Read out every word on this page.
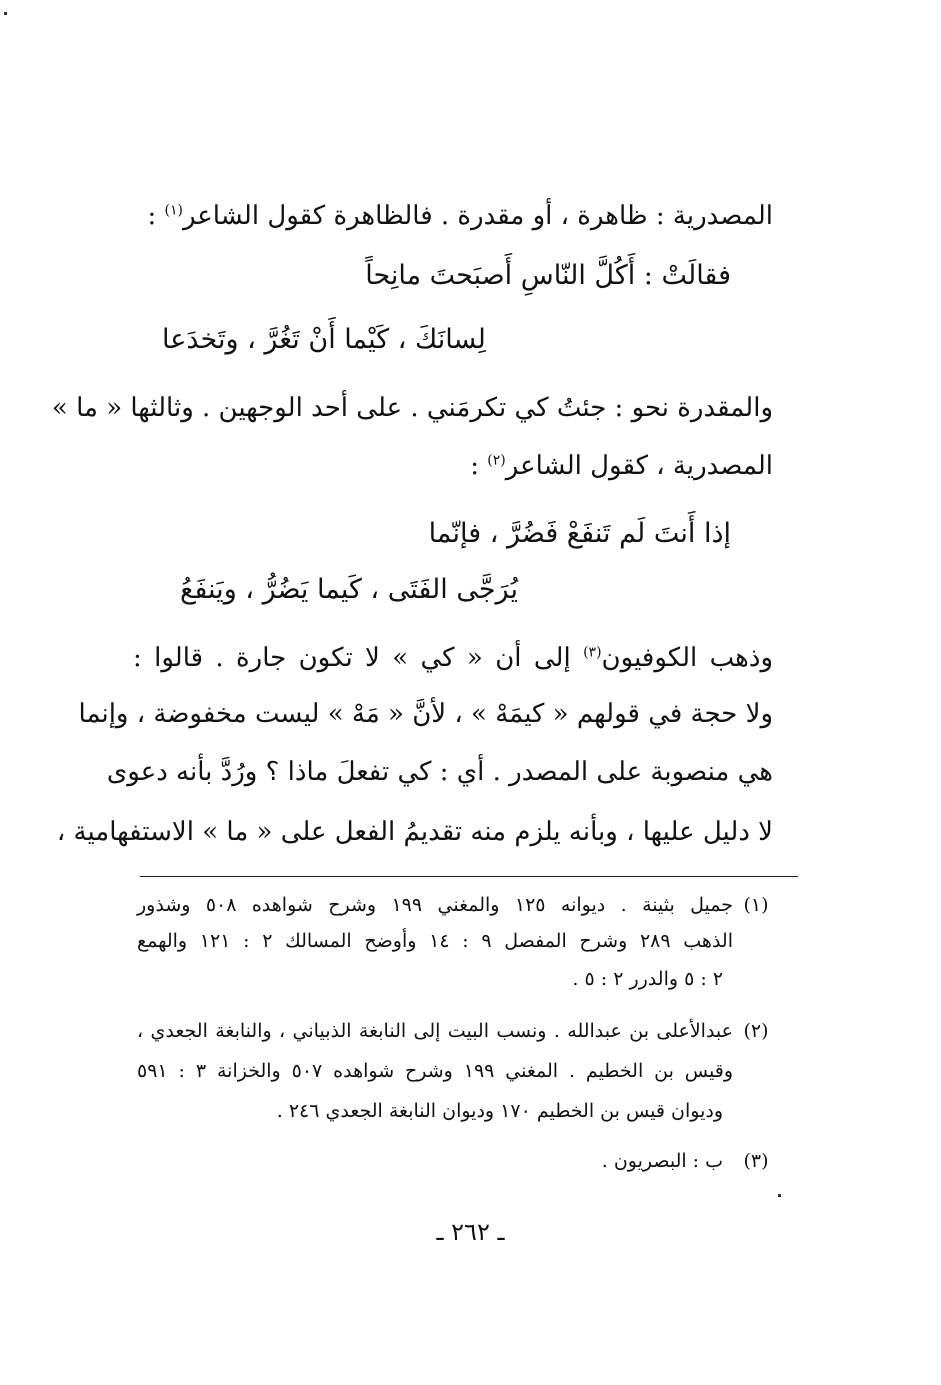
المصدرية : ظاهرة ، أو مقدرة . فالظاهرة كقول الشاعر$^{(١)}$ :
فقالَتْ : أَكُلَّ النّاسِ أَصبَحتَ مانِحاً
لِسانَكَ ، كَيْما أَنْ تَغُرَّ ، وتَخدَعا
والمقدرة نحو : جئتُ كي تكرمَني . على أحد الوجهين . وثالثها « ما »
المصدرية ، كقول الشاعر$^{(٢)}$ :
إذا أَنتَ لَم تَنفَعْ فَضُرَّ ، فإنّما
يُرَجَّى الفَتَى ، كَيما يَضُرُّ ، ويَنفَعُ
وذهب الكوفيون$^{(٣)}$ إلى أن « كي » لا تكون جارة . قالوا :
ولا حجة في قولهم « كيمَهْ » ، لأنَّ « مَهْ » ليست مخفوضة ، وإنما
هي منصوبة على المصدر . أي : كي تفعلَ ماذا ؟ ورُدَّ بأنه دعوى
لا دليل عليها ، وبأنه يلزم منه تقديمُ الفعل على « ما » الاستفهامية ،
(١)
جميل بثينة . ديوانه ١٢٥ والمغني ١٩٩ وشرح شواهده ٥٠٨ وشذور
الذهب ٢٨٩ وشرح المفصل ٩ : ١٤ وأوضح المسالك ٢ : ١٢١ والهمع
٢ : ٥ والدرر ٢ : ٥ .
(٢)
عبدالأعلى بن عبدالله . ونسب البيت إلى النابغة الذبياني ، والنابغة الجعدي ،
وقيس بن الخطيم . المغني ١٩٩ وشرح شواهده ٥٠٧ والخزانة ٣ : ٥٩١
وديوان قيس بن الخطيم ١٧٠ وديوان النابغة الجعدي ٢٤٦ .
(٣)
ب : البصريون .
ـ ٢٦٢ ـ
